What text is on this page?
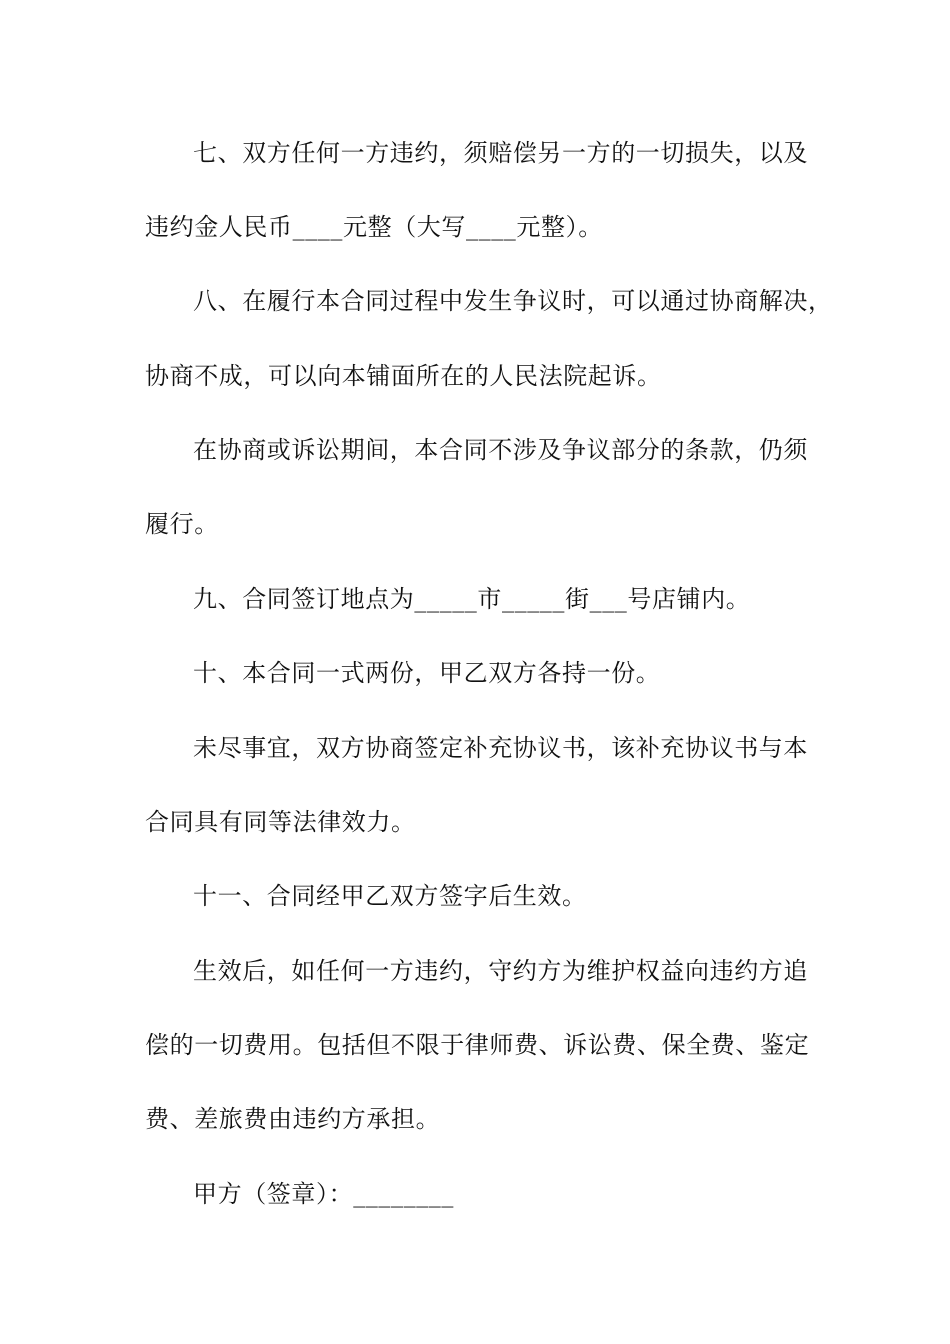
七、双方任何一方违约，须赔偿另一方的一切损失，以及
违约金人民币____元整（大写____元整）。
八、在履行本合同过程中发生争议时，可以通过协商解决，
协商不成，可以向本铺面所在的人民法院起诉。
在协商或诉讼期间，本合同不涉及争议部分的条款，仍须
履行。
九、合同签订地点为_____市_____街___号店铺内。
十、本合同一式两份，甲乙双方各持一份。
未尽事宜，双方协商签定补充协议书，该补充协议书与本
合同具有同等法律效力。
十一、合同经甲乙双方签字后生效。
生效后，如任何一方违约，守约方为维护权益向违约方追
偿的一切费用。包括但不限于律师费、诉讼费、保全费、鉴定
费、差旅费由违约方承担。
甲方（签章）：________
